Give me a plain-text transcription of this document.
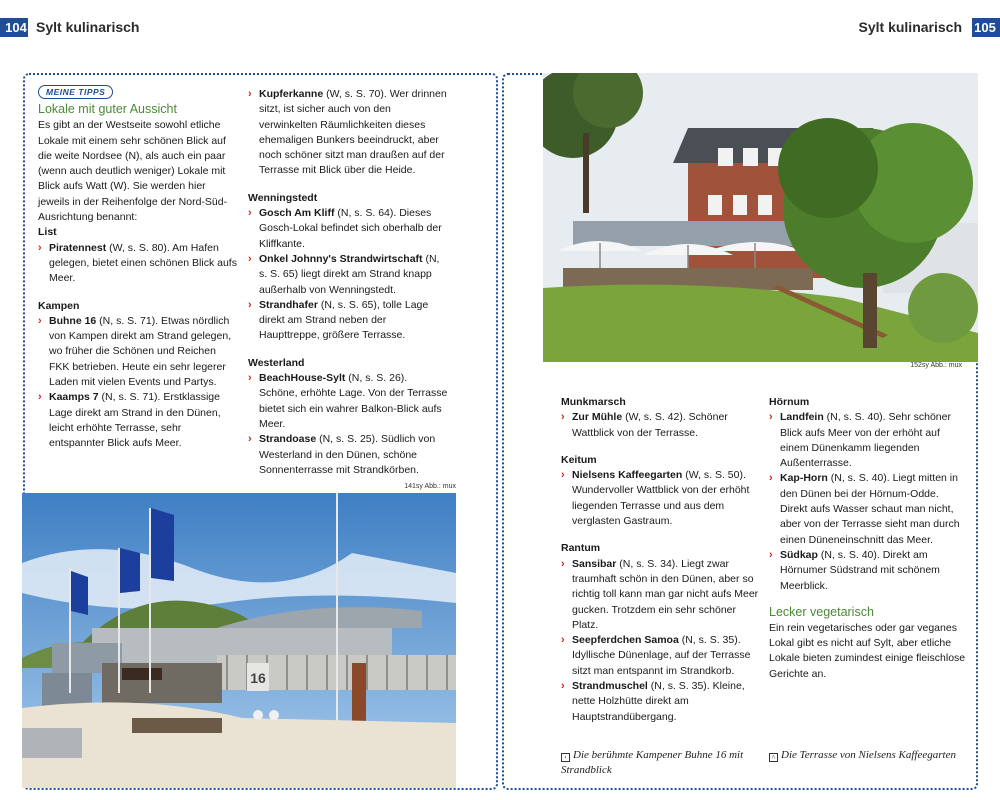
104 Sylt kulinarisch	Sylt kulinarisch 105
MEINE TIPPS

Lokale mit guter Aussicht

Es gibt an der Westseite sowohl etliche Lokale mit einem sehr schönen Blick auf die weite Nordsee (N), als auch ein paar (wenn auch deutlich weniger) Lokale mit Blick aufs Watt (W). Sie werden hier jeweils in der Reihenfolge der Nord-Süd-Ausrichtung benannt:

List

› Piratennest (W, s. S. 80). Am Hafen gelegen, bietet einen schönen Blick aufs Meer.

Kampen

› Buhne 16 (N, s. S. 71). Etwas nördlich von Kampen direkt am Strand gelegen, wo früher die Schönen und Reichen FKK betrieben. Heute ein sehr legerer Laden mit vielen Events und Partys.
› Kaamps 7 (N, s. S. 71). Erstklassige Lage direkt am Strand in den Dünen, leicht erhöhte Terrasse, sehr entspannter Blick aufs Meer.
› Kupferkanne (W, s. S. 70). Wer drinnen sitzt, ist sicher auch von den verwinkelten Räumlichkeiten dieses ehemaligen Bunkers beeindruckt, aber noch schöner sitzt man draußen auf der Terrasse mit Blick über die Heide.

Wenningstedt

› Gosch Am Kliff (N, s. S. 64). Dieses Gosch-Lokal befindet sich oberhalb der Kliffkante.
› Onkel Johnny's Strandwirtschaft (N, s. S. 65) liegt direkt am Strand knapp außerhalb von Wenningstedt.
› Strandhafer (N, s. S. 65), tolle Lage direkt am Strand neben der Haupttreppe, größere Terrasse.

Westerland

› BeachHouse-Sylt (N, s. S. 26). Schöne, erhöhte Lage. Von der Terrasse bietet sich ein wahrer Balkon-Blick aufs Meer.
› Strandoase (N, s. S. 25). Südlich von Westerland in den Dünen, schöne Sonnenterrasse mit Strandkörben.
141sy Abb.: mux
16
152sy Abb.: mux

Munkmarsch

› Zur Mühle (W, s. S. 42). Schöner Wattblick von der Terrasse.

Keitum

› Nielsens Kaffeegarten (W, s. S. 50). Wundervoller Wattblick von der erhöht liegenden Terrasse und aus dem verglasten Gastraum.

Rantum

› Sansibar (N, s. S. 34). Liegt zwar traumhaft schön in den Dünen, aber so richtig toll kann man gar nicht aufs Meer gucken. Trotzdem ein sehr schöner Platz.
› Seepferdchen Samoa (N, s. S. 35). Idyllische Dünenlage, auf der Terrasse sitzt man entspannt im Strandkorb.
› Strandmuschel (N, s. S. 35). Kleine, nette Holzhütte direkt am Hauptstrandübergang.

Hörnum

› Landfein (N, s. S. 40). Sehr schöner Blick aufs Meer von der erhöht auf einem Dünenkamm liegenden Außenterrasse.
› Kap-Horn (N, s. S. 40). Liegt mitten in den Dünen bei der Hörnum-Odde. Direkt aufs Wasser schaut man nicht, aber von der Terrasse sieht man durch einen Düneneinschnitt das Meer.
› Südkap (N, s. S. 40). Direkt am Hörnumer Südstrand mit schönem Meerblick.

Lecker vegetarisch

Ein rein vegetarisches oder gar veganes Lokal gibt es nicht auf Sylt, aber etliche Lokale bieten zumindest einige fleischlose Gerichte an.

‹ Die berühmte Kampener Buhne 16 mit Strandblick
˄ Die Terrasse von Nielsens Kaffeegarten
